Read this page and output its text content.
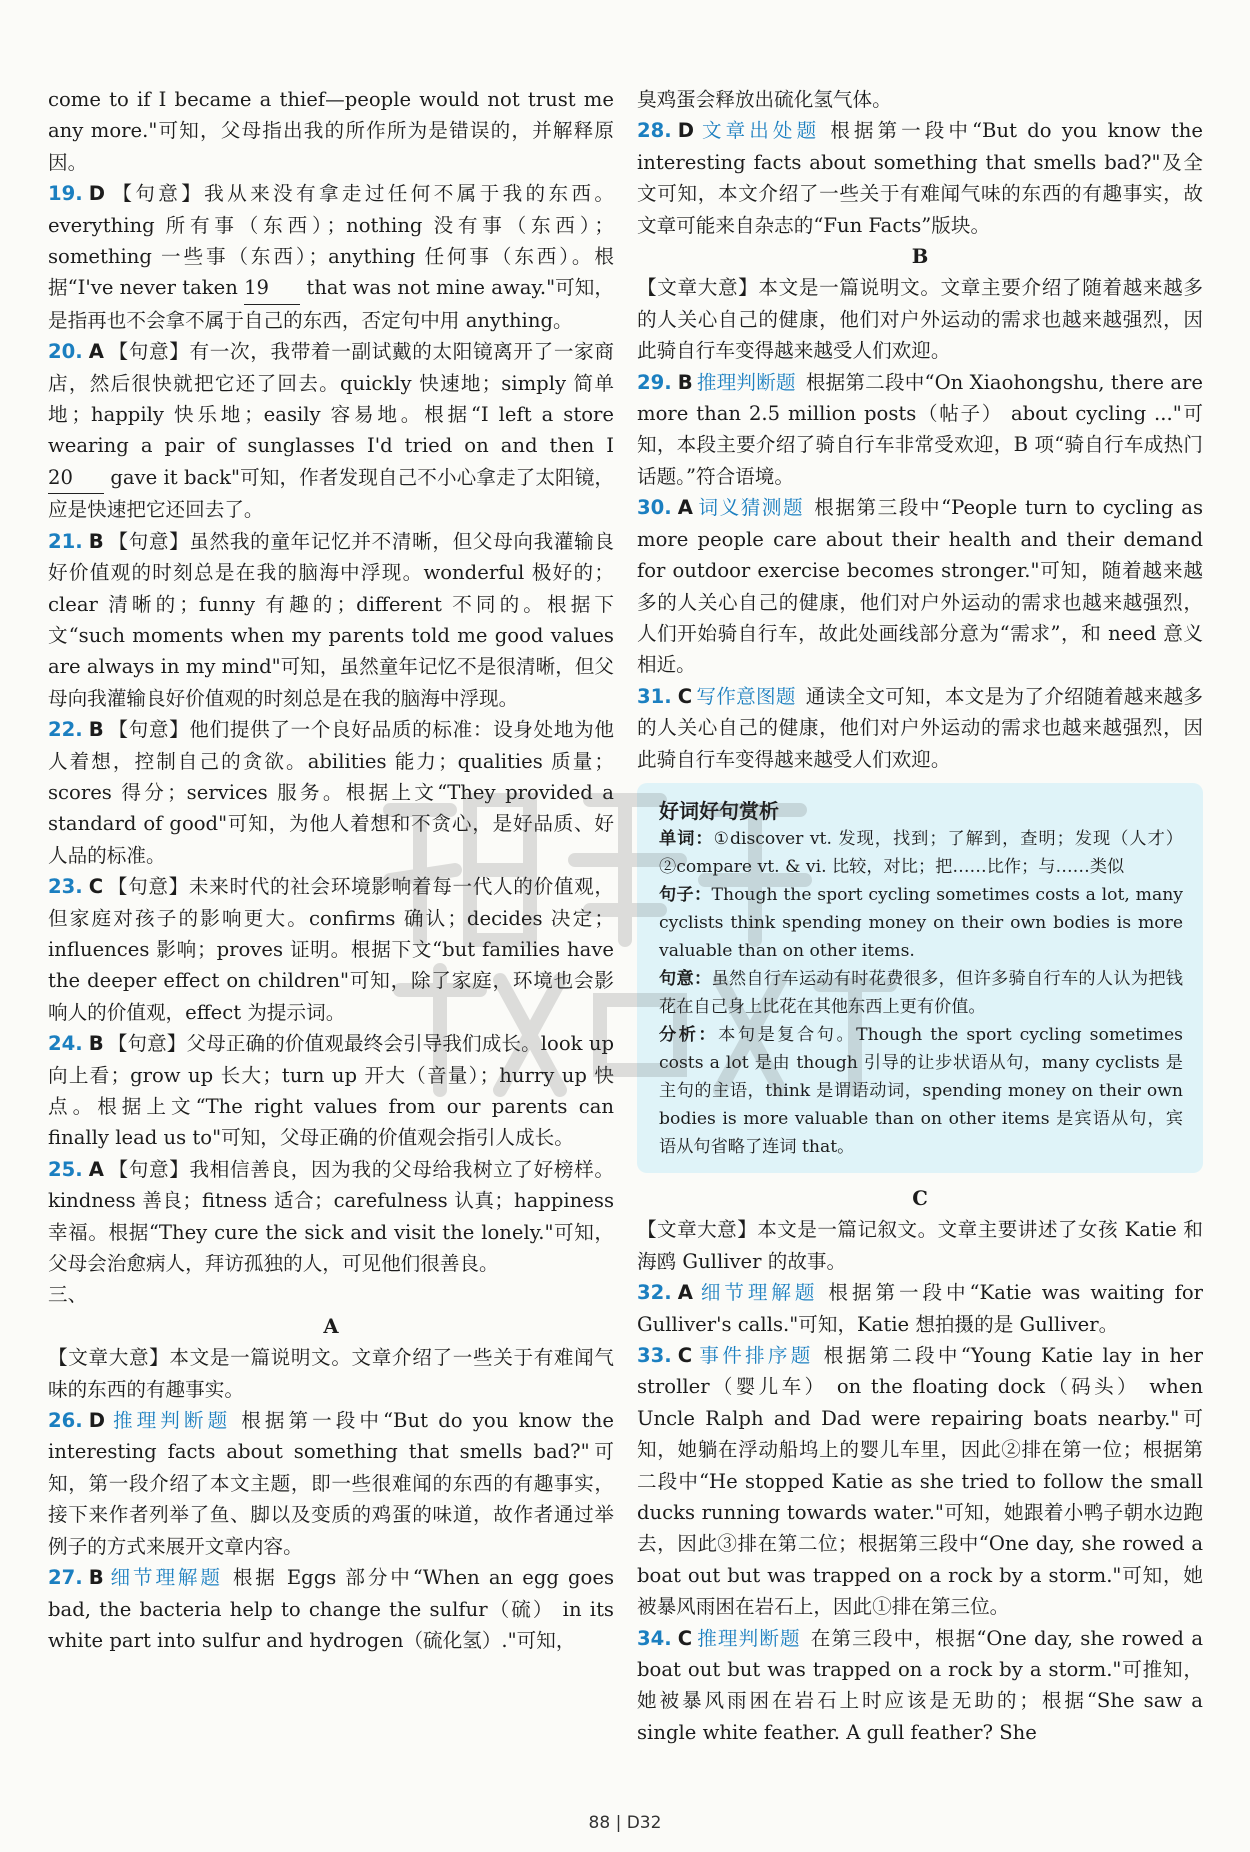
come to if I became a thief—people would not trust me any more."可知，父母指出我的所作所为是错误的，并解释原因。

19. D 【句意】我从来没有拿走过任何不属于我的东西。everything 所有事（东西）；nothing 没有事（东西）；something 一些事（东西）；anything 任何事（东西）。根据“I've never taken 19 that was not mine away."可知，是指再也不会拿不属于自己的东西，否定句中用 anything。

20. A 【句意】有一次，我带着一副试戴的太阳镜离开了一家商店，然后很快就把它还了回去。quickly 快速地；simply 简单地；happily 快乐地；easily 容易地。根据“I left a store wearing a pair of sunglasses I'd tried on and then I 20 gave it back"可知，作者发现自己不小心拿走了太阳镜，应是快速把它还回去了。

21. B 【句意】虽然我的童年记忆并不清晰，但父母向我灌输良好价值观的时刻总是在我的脑海中浮现。wonderful 极好的；clear 清晰的；funny 有趣的；different 不同的。根据下文“such moments when my parents told me good values are always in my mind"可知，虽然童年记忆不是很清晰，但父母向我灌输良好价值观的时刻总是在我的脑海中浮现。

22. B 【句意】他们提供了一个良好品质的标准：设身处地为他人着想，控制自己的贪欲。abilities 能力；qualities 质量；scores 得分；services 服务。根据上文“They provided a standard of good"可知，为他人着想和不贪心，是好品质、好人品的标准。

23. C 【句意】未来时代的社会环境影响着每一代人的价值观，但家庭对孩子的影响更大。confirms 确认；decides 决定；influences 影响；proves 证明。根据下文“but families have the deeper effect on children"可知，除了家庭，环境也会影响人的价值观，effect 为提示词。

24. B 【句意】父母正确的价值观最终会引导我们成长。look up 向上看；grow up 长大；turn up 开大（音量）；hurry up 快点。根据上文“The right values from our parents can finally lead us to"可知，父母正确的价值观会指引人成长。

25. A 【句意】我相信善良，因为我的父母给我树立了好榜样。kindness 善良；fitness 适合；carefulness 认真；happiness 幸福。根据“They cure the sick and visit the lonely."可知，父母会治愈病人，拜访孤独的人，可见他们很善良。

三、

A

【文章大意】本文是一篇说明文。文章介绍了一些关于有难闻气味的东西的有趣事实。

26. D 推理判断题 根据第一段中“But do you know the interesting facts about something that smells bad?"可知，第一段介绍了本文主题，即一些很难闻的东西的有趣事实，接下来作者列举了鱼、脚以及变质的鸡蛋的味道，故作者通过举例子的方式来展开文章内容。

27. B 细节理解题 根据 Eggs 部分中“When an egg goes bad, the bacteria help to change the sulfur（硫） in its white part into sulfur and hydrogen（硫化氢）."可知，

臭鸡蛋会释放出硫化氢气体。

28. D 文章出处题 根据第一段中“But do you know the interesting facts about something that smells bad?"及全文可知，本文介绍了一些关于有难闻气味的东西的有趣事实，故文章可能来自杂志的“Fun Facts”版块。

B

【文章大意】本文是一篇说明文。文章主要介绍了随着越来越多的人关心自己的健康，他们对户外运动的需求也越来越强烈，因此骑自行车变得越来越受人们欢迎。

29. B 推理判断题 根据第二段中“On Xiaohongshu, there are more than 2.5 million posts（帖子） about cycling ..."可知，本段主要介绍了骑自行车非常受欢迎，B 项“骑自行车成热门话题。”符合语境。

30. A 词义猜测题 根据第三段中“People turn to cycling as more people care about their health and their demand for outdoor exercise becomes stronger."可知，随着越来越多的人关心自己的健康，他们对户外运动的需求也越来越强烈，人们开始骑自行车，故此处画线部分意为“需求”，和 need 意义相近。

31. C 写作意图题 通读全文可知，本文是为了介绍随着越来越多的人关心自己的健康，他们对户外运动的需求也越来越强烈，因此骑自行车变得越来越受人们欢迎。

好词好句赏析

单词：①discover vt. 发现，找到；了解到，查明；发现（人才） ②compare vt. & vi. 比较，对比；把……比作；与……类似

句子：Though the sport cycling sometimes costs a lot, many cyclists think spending money on their own bodies is more valuable than on other items.

句意：虽然自行车运动有时花费很多，但许多骑自行车的人认为把钱花在自己身上比花在其他东西上更有价值。

分析：本句是复合句。Though the sport cycling sometimes costs a lot 是由 though 引导的让步状语从句，many cyclists 是主句的主语，think 是谓语动词，spending money on their own bodies is more valuable than on other items 是宾语从句，宾语从句省略了连词 that。

C

【文章大意】本文是一篇记叙文。文章主要讲述了女孩 Katie 和海鸥 Gulliver 的故事。

32. A 细节理解题 根据第一段中“Katie was waiting for Gulliver's calls."可知，Katie 想拍摄的是 Gulliver。

33. C 事件排序题 根据第二段中“Young Katie lay in her stroller（婴儿车） on the floating dock（码头） when Uncle Ralph and Dad were repairing boats nearby."可知，她躺在浮动船坞上的婴儿车里，因此②排在第一位；根据第二段中“He stopped Katie as she tried to follow the small ducks running towards water."可知，她跟着小鸭子朝水边跑去，因此③排在第二位；根据第三段中“One day, she rowed a boat out but was trapped on a rock by a storm."可知，她被暴风雨困在岩石上，因此①排在第三位。

34. C 推理判断题 在第三段中，根据“One day, she rowed a boat out but was trapped on a rock by a storm."可推知，她被暴风雨困在岩石上时应该是无助的；根据“She saw a single white feather. A gull feather? She

88 | D32
